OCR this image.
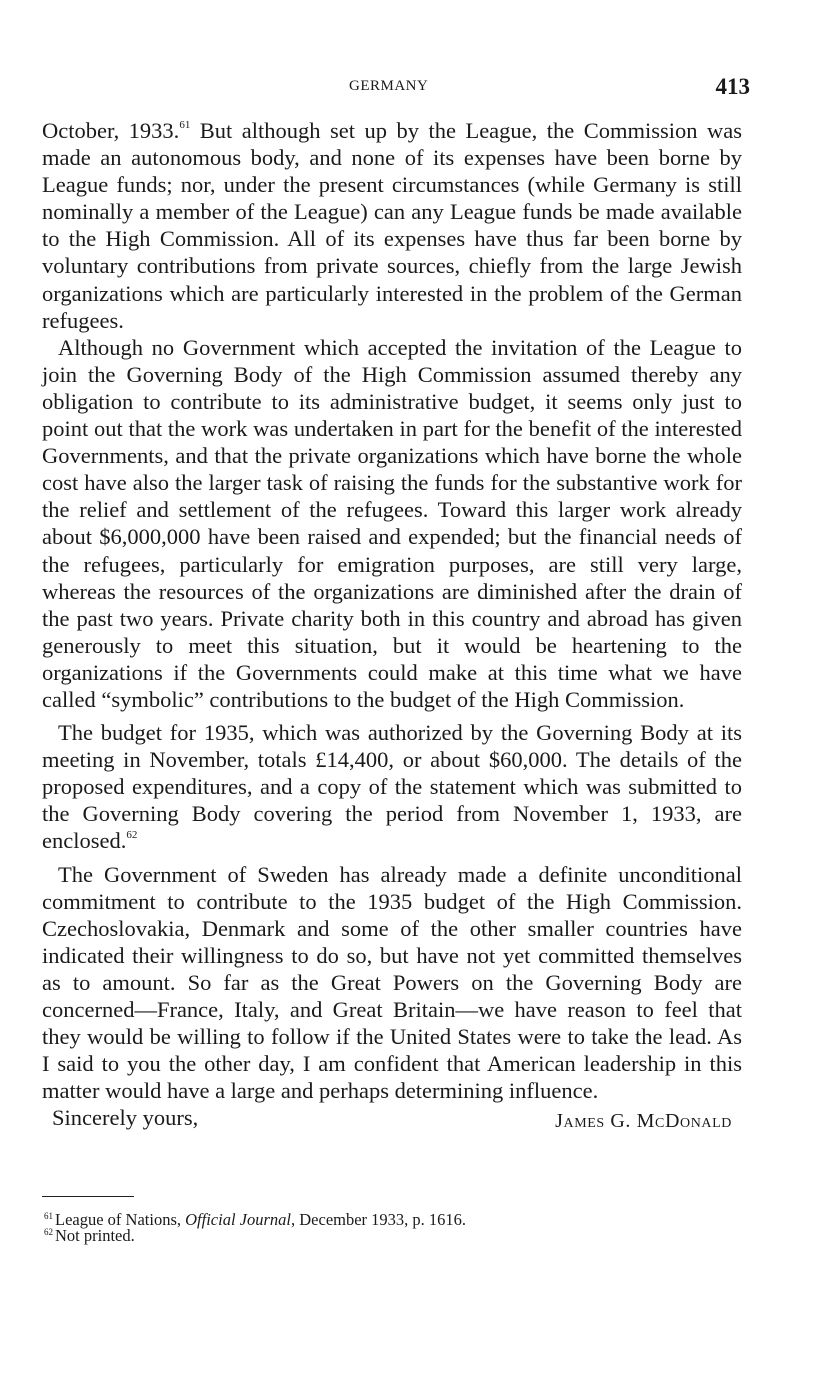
GERMANY	413

October, 1933.61 But although set up by the League, the Commission was made an autonomous body, and none of its expenses have been borne by League funds; nor, under the present circumstances (while Germany is still nominally a member of the League) can any League funds be made available to the High Commission. All of its expenses have thus far been borne by voluntary contributions from private sources, chiefly from the large Jewish organizations which are particularly interested in the problem of the German refugees.

Although no Government which accepted the invitation of the League to join the Governing Body of the High Commission assumed thereby any obligation to contribute to its administrative budget, it seems only just to point out that the work was undertaken in part for the benefit of the interested Governments, and that the private organizations which have borne the whole cost have also the larger task of raising the funds for the substantive work for the relief and settlement of the refugees. Toward this larger work already about $6,000,000 have been raised and expended; but the financial needs of the refugees, particularly for emigration purposes, are still very large, whereas the resources of the organizations are diminished after the drain of the past two years. Private charity both in this country and abroad has given generously to meet this situation, but it would be heartening to the organizations if the Governments could make at this time what we have called “symbolic” contributions to the budget of the High Commission.

The budget for 1935, which was authorized by the Governing Body at its meeting in November, totals £14,400, or about $60,000. The details of the proposed expenditures, and a copy of the statement which was submitted to the Governing Body covering the period from November 1, 1933, are enclosed.$^{62}$

The Government of Sweden has already made a definite unconditional commitment to contribute to the 1935 budget of the High Commission. Czechoslovakia, Denmark and some of the other smaller countries have indicated their willingness to do so, but have not yet committed themselves as to amount. So far as the Great Powers on the Governing Body are concerned—France, Italy, and Great Britain—we have reason to feel that they would be willing to follow if the United States were to take the lead. As I said to you the other day, I am confident that American leadership in this matter would have a large and perhaps determining influence.

Sincerely yours,	James G. McDonald

$^{61}$ League of Nations, Official Journal, December 1933, p. 1616.

$^{62}$ Not printed.
